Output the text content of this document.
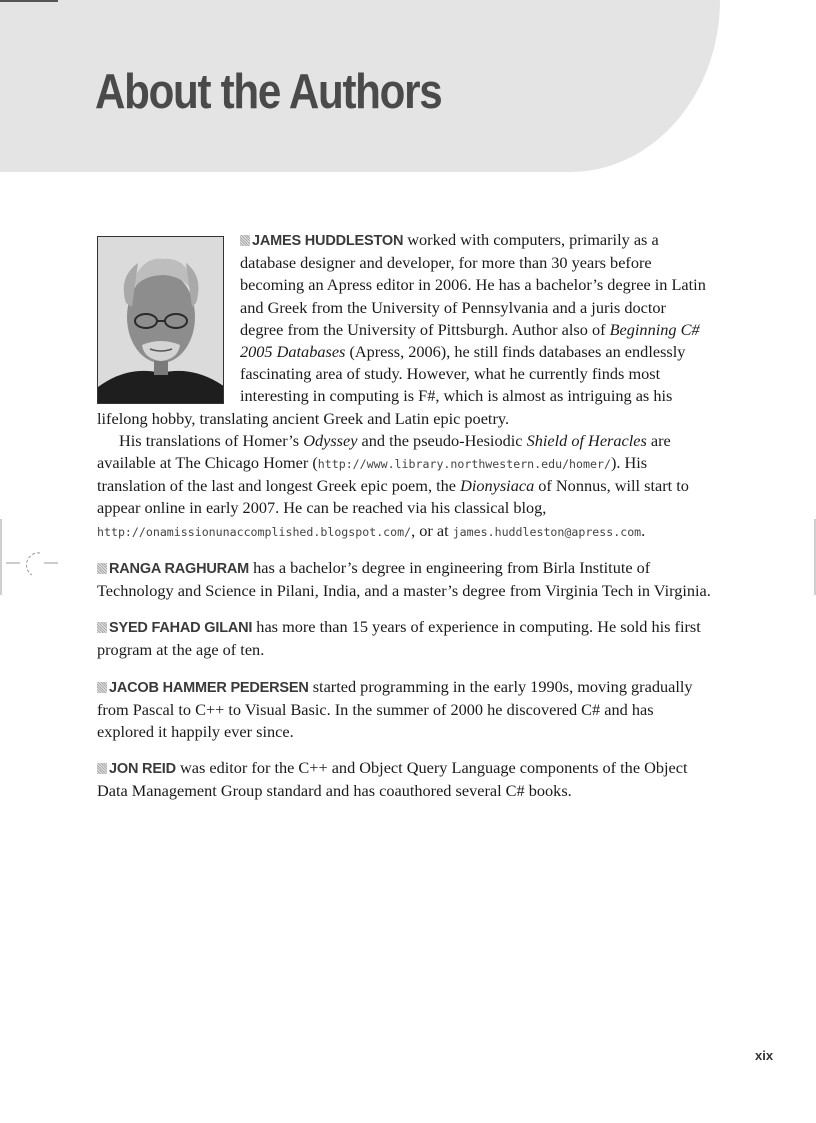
About the Authors

JAMES HUDDLESTON worked with computers, primarily as a database designer and developer, for more than 30 years before becoming an Apress editor in 2006. He has a bachelor’s degree in Latin and Greek from the University of Pennsylvania and a juris doctor degree from the University of Pittsburgh. Author also of Beginning C# 2005 Databases (Apress, 2006), he still finds databases an endlessly fascinating area of study. However, what he currently finds most interesting in computing is F#, which is almost as intriguing as his lifelong hobby, translating ancient Greek and Latin epic poetry.

His translations of Homer’s Odyssey and the pseudo-Hesiodic Shield of Heracles are available at The Chicago Homer (http://www.library.northwestern.edu/homer/). His translation of the last and longest Greek epic poem, the Dionysiaca of Nonnus, will start to appear online in early 2007. He can be reached via his classical blog, http://onamissionunaccomplished.blogspot.com/, or at james.huddleston@apress.com.

RANGA RAGHURAM has a bachelor’s degree in engineering from Birla Institute of Technology and Science in Pilani, India, and a master’s degree from Virginia Tech in Virginia.

SYED FAHAD GILANI has more than 15 years of experience in computing. He sold his first program at the age of ten.

JACOB HAMMER PEDERSEN started programming in the early 1990s, moving gradually from Pascal to C++ to Visual Basic. In the summer of 2000 he discovered C# and has explored it happily ever since.

JON REID was editor for the C++ and Object Query Language components of the Object Data Management Group standard and has coauthored several C# books.

xix
